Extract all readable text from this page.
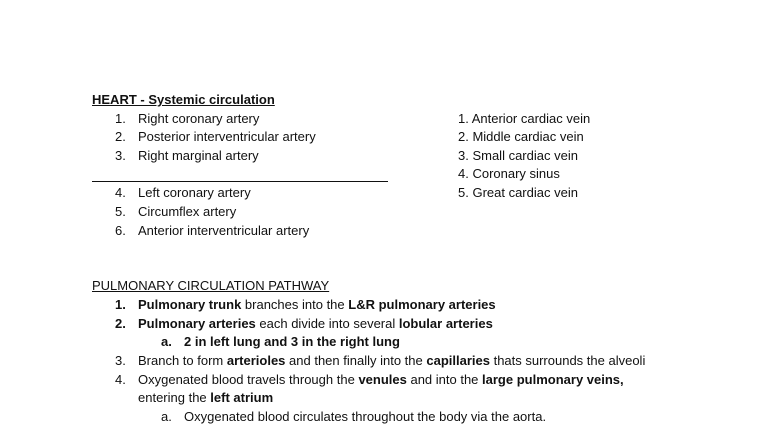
HEART - Systemic circulation
1. Right coronary artery
2. Posterior interventricular artery
3. Right marginal artery
4. Left coronary artery
5. Circumflex artery
6. Anterior interventricular artery
1. Anterior cardiac vein
2. Middle cardiac vein
3. Small cardiac vein
4. Coronary sinus
5. Great cardiac vein
PULMONARY CIRCULATION PATHWAY
1. Pulmonary trunk branches into the L&R pulmonary arteries
2. Pulmonary arteries each divide into several lobular arteries
a. 2 in left lung and 3 in the right lung
3. Branch to form arterioles and then finally into the capillaries thats surrounds the alveoli
4. Oxygenated blood travels through the venules and into the large pulmonary veins,
entering the left atrium
a. Oxygenated blood circulates throughout the body via the aorta.
